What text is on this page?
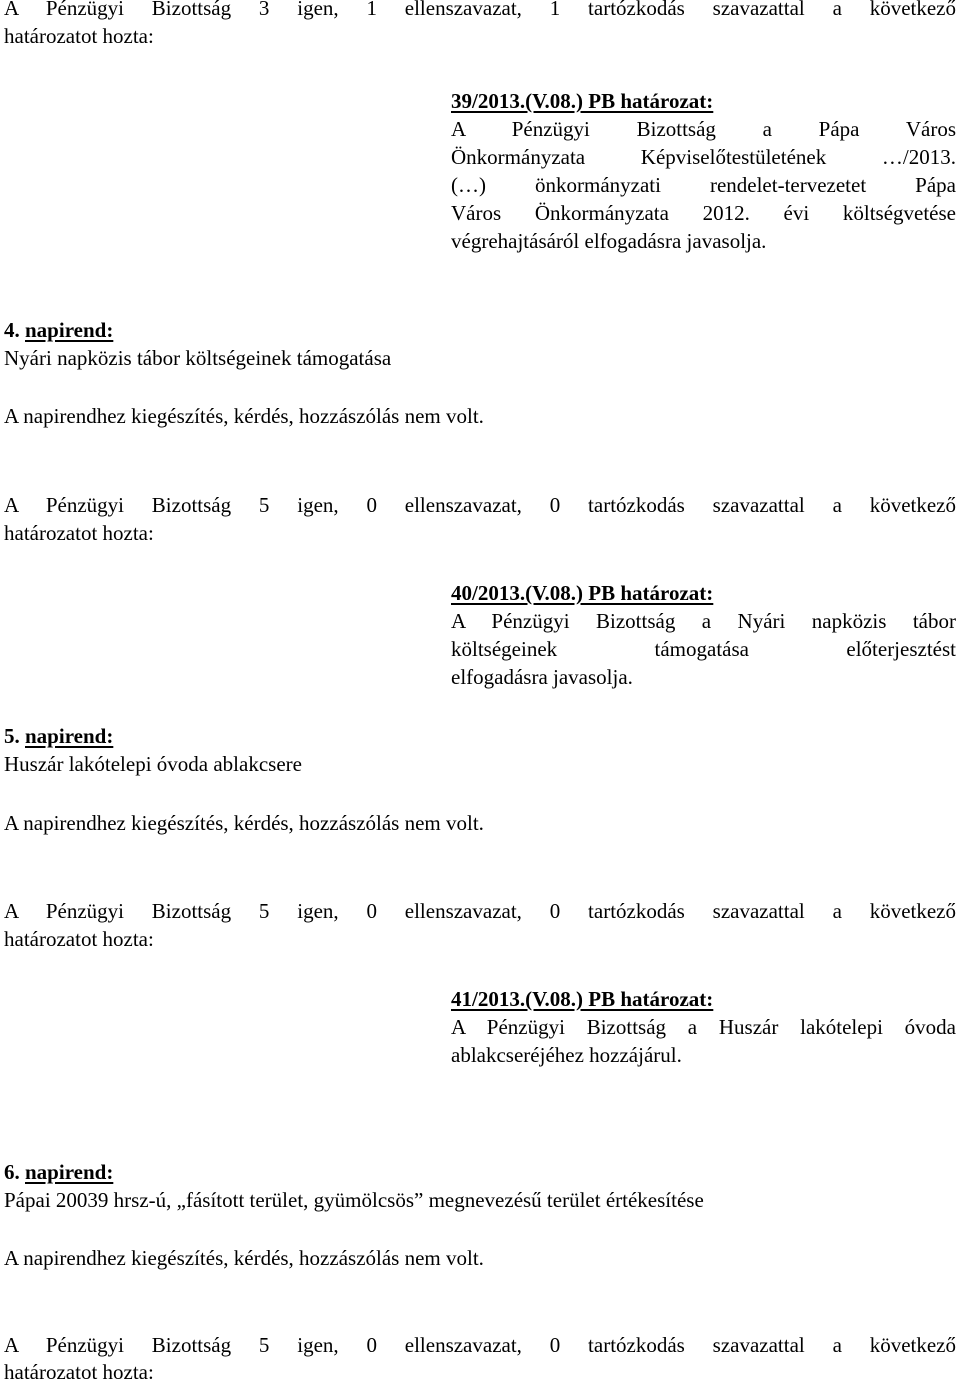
A Pénzügyi Bizottság 3 igen, 1 ellenszavazat, 1 tartózkodás szavazattal a következő
határozatot hozta:
39/2013.(V.08.) PB határozat:
A Pénzügyi Bizottság a Pápa Város
Önkormányzata Képviselőtestületének …/2013.
(…) önkormányzati rendelet-tervezetet Pápa
Város Önkormányzata 2012. évi költségvetése
végrehajtásáról elfogadásra javasolja.
4. napirend:
Nyári napközis tábor költségeinek támogatása
A napirendhez kiegészítés, kérdés, hozzászólás nem volt.
A Pénzügyi Bizottság 5 igen, 0 ellenszavazat, 0 tartózkodás szavazattal a következő
határozatot hozta:
40/2013.(V.08.) PB határozat:
A Pénzügyi Bizottság a Nyári napközis tábor
költségeinek támogatása előterjesztést
elfogadásra javasolja.
5. napirend:
Huszár lakótelepi óvoda ablakcsere
A napirendhez kiegészítés, kérdés, hozzászólás nem volt.
A Pénzügyi Bizottság 5 igen, 0 ellenszavazat, 0 tartózkodás szavazattal a következő
határozatot hozta:
41/2013.(V.08.) PB határozat:
A Pénzügyi Bizottság a Huszár lakótelepi óvoda
ablakcseréjéhez hozzájárul.
6. napirend:
Pápai 20039 hrsz-ú, „fásított terület, gyümölcsös” megnevezésű terület értékesítése
A napirendhez kiegészítés, kérdés, hozzászólás nem volt.
A Pénzügyi Bizottság 5 igen, 0 ellenszavazat, 0 tartózkodás szavazattal a következő
határozatot hozta:
